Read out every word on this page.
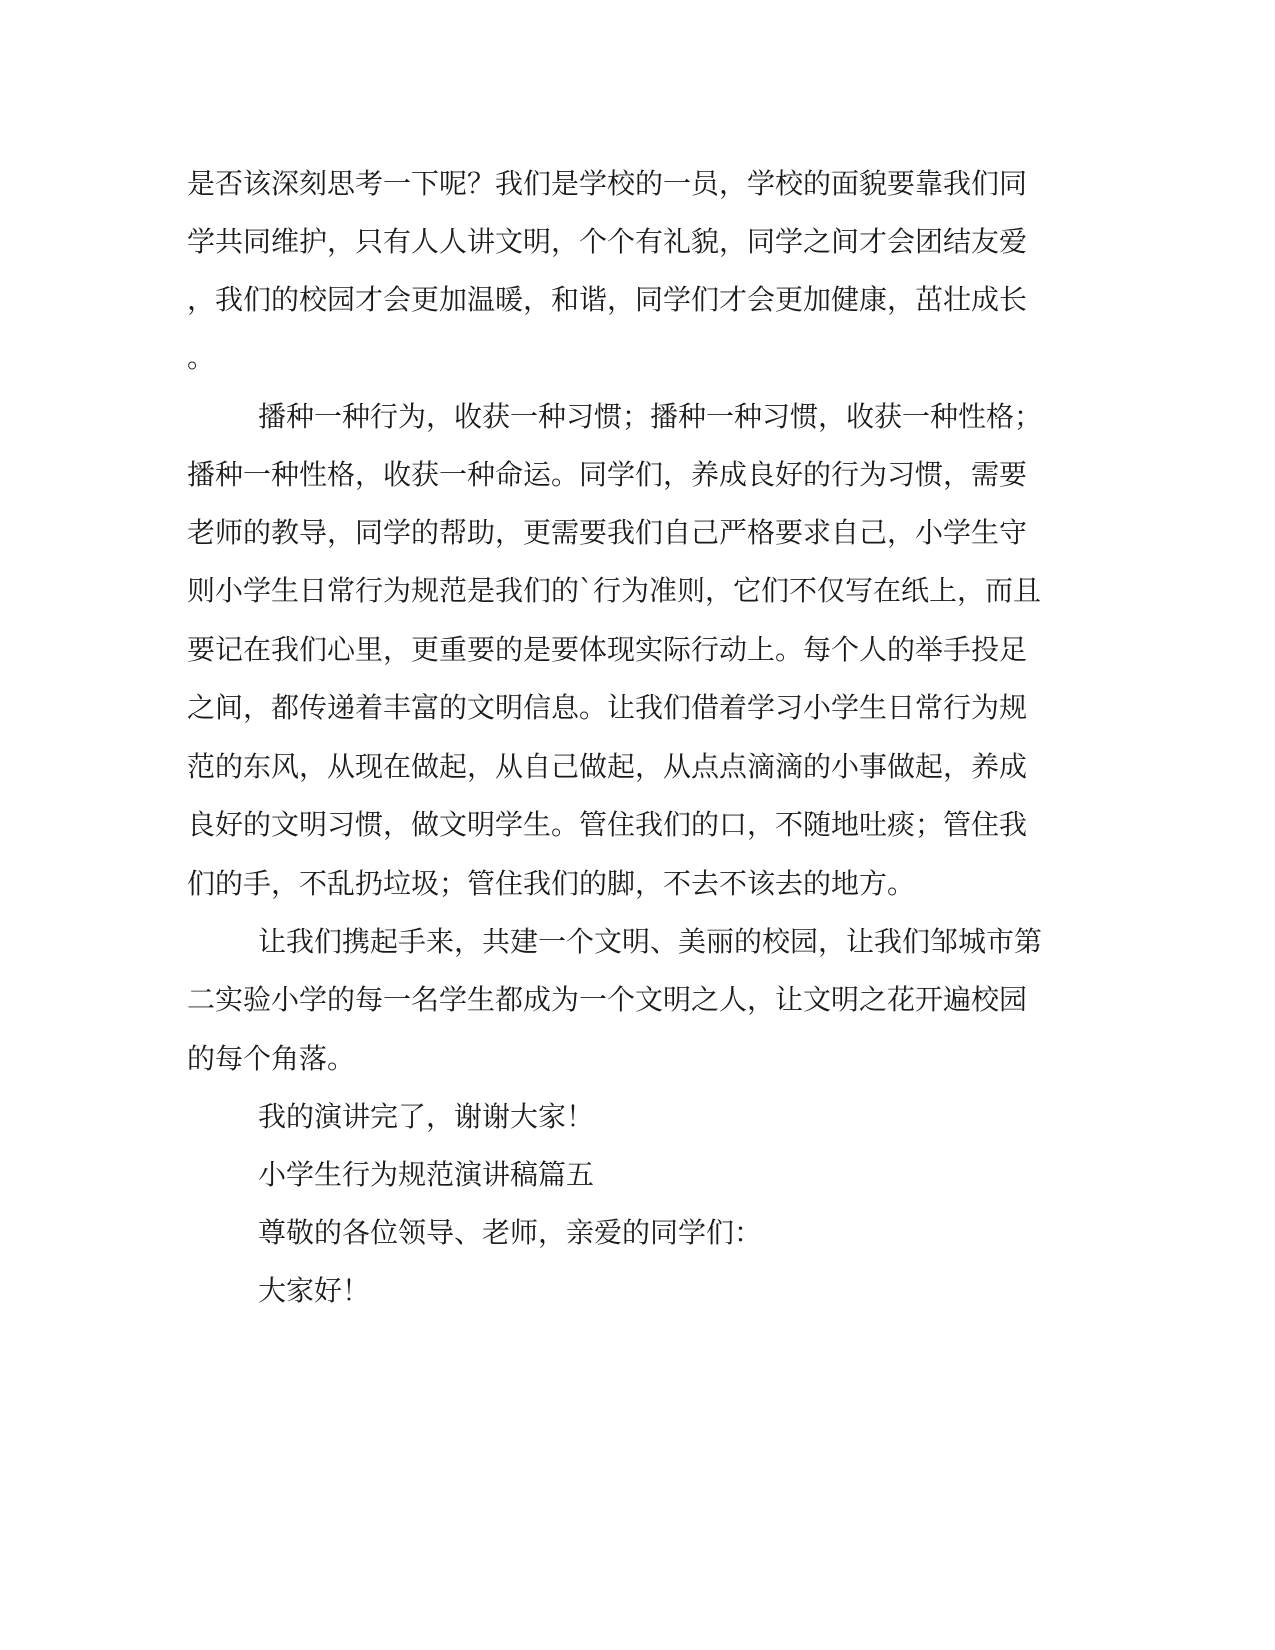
是否该深刻思考一下呢？我们是学校的一员，学校的面貌要靠我们同
学共同维护，只有人人讲文明，个个有礼貌，同学之间才会团结友爱
，我们的校园才会更加温暖，和谐，同学们才会更加健康，茁壮成长
。
播种一种行为，收获一种习惯；播种一种习惯，收获一种性格；
播种一种性格，收获一种命运。同学们，养成良好的行为习惯，需要
老师的教导，同学的帮助，更需要我们自己严格要求自己，小学生守
则小学生日常行为规范是我们的`行为准则，它们不仅写在纸上，而且
要记在我们心里，更重要的是要体现实际行动上。每个人的举手投足
之间，都传递着丰富的文明信息。让我们借着学习小学生日常行为规
范的东风，从现在做起，从自己做起，从点点滴滴的小事做起，养成
良好的文明习惯，做文明学生。管住我们的口，不随地吐痰；管住我
们的手，不乱扔垃圾；管住我们的脚，不去不该去的地方。
让我们携起手来，共建一个文明、美丽的校园，让我们邹城市第
二实验小学的每一名学生都成为一个文明之人，让文明之花开遍校园
的每个角落。
我的演讲完了，谢谢大家！
小学生行为规范演讲稿篇五
尊敬的各位领导、老师，亲爱的同学们：
大家好！
